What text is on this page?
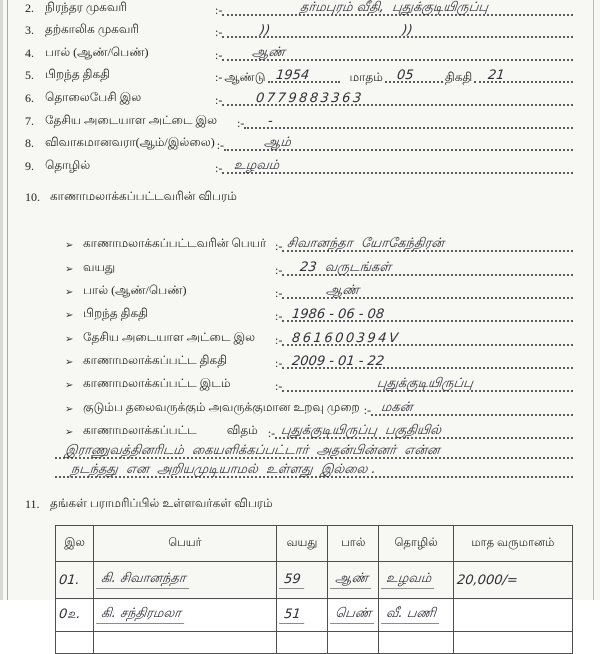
2. நிரந்தர முகவரி	:-	தர்மபுரம் வீதி,  புதுக்குடியிருப்பு
3. தற்காலிக முகவரி	:-	))                                ))
4. பால் (ஆண்/பெண்)	:- ஆண்
5. பிறந்த திகதி	:- ஆண்டு 1954	மாதம் 05	திகதி 21
6. தொலைபேசி இல	:-	0779883363
7. தேசிய அடையாள அட்டை இல	:- -
8. விவாகமானவரா(ஆம்/இல்லை) :-	ஆம்
9. தொழில்	:- உழவம்
10. காணாமலாக்கப்பட்டவரின் விபரம்
➢ காணாமலாக்கப்பட்டவரின் பெயர் :- சிவானந்தா  யோகேந்திரன்
➢ வயது	:- 23  வருடங்கள்
➢ பால் (ஆண்/பெண்)	:-	ஆண்
➢ பிறந்த திகதி	:- 1986 - 06 - 08
➢ தேசிய அடையாள அட்டை இல	:- 861600394V
➢ காணாமலாக்கப்பட்ட திகதி	:- 2009 - 01 - 22
➢ காணாமலாக்கப்பட்ட இடம்	:-	புதுக்குடியிருப்பு
➢ குடும்ப தலைவருக்கும் அவருக்குமான உறவு முறை :- மகன்
➢ காணாமலாக்கப்பட்ட	விதம் :- புதுக்குடியிருப்பு  பகுதியில்
இராணுவத்தினரிடம்  கையளிக்கப்பட்டார்  அதன்பின்னர்  என்ன
நடந்தது  என  அறியமுடியாமல்  உள்ளது  இல்லை .
11. தங்கள் பராமரிப்பில் உள்ளவர்கள் விபரம்
இல	பெயர்	வயது	பால்	தொழில்	மாத வருமானம்
01.	கி. சிவானந்தா	59	ஆண்	உழவம்	20,000/=
0௨.	கி. சந்திரமலா	51	பெண்	வீ. பணி	
